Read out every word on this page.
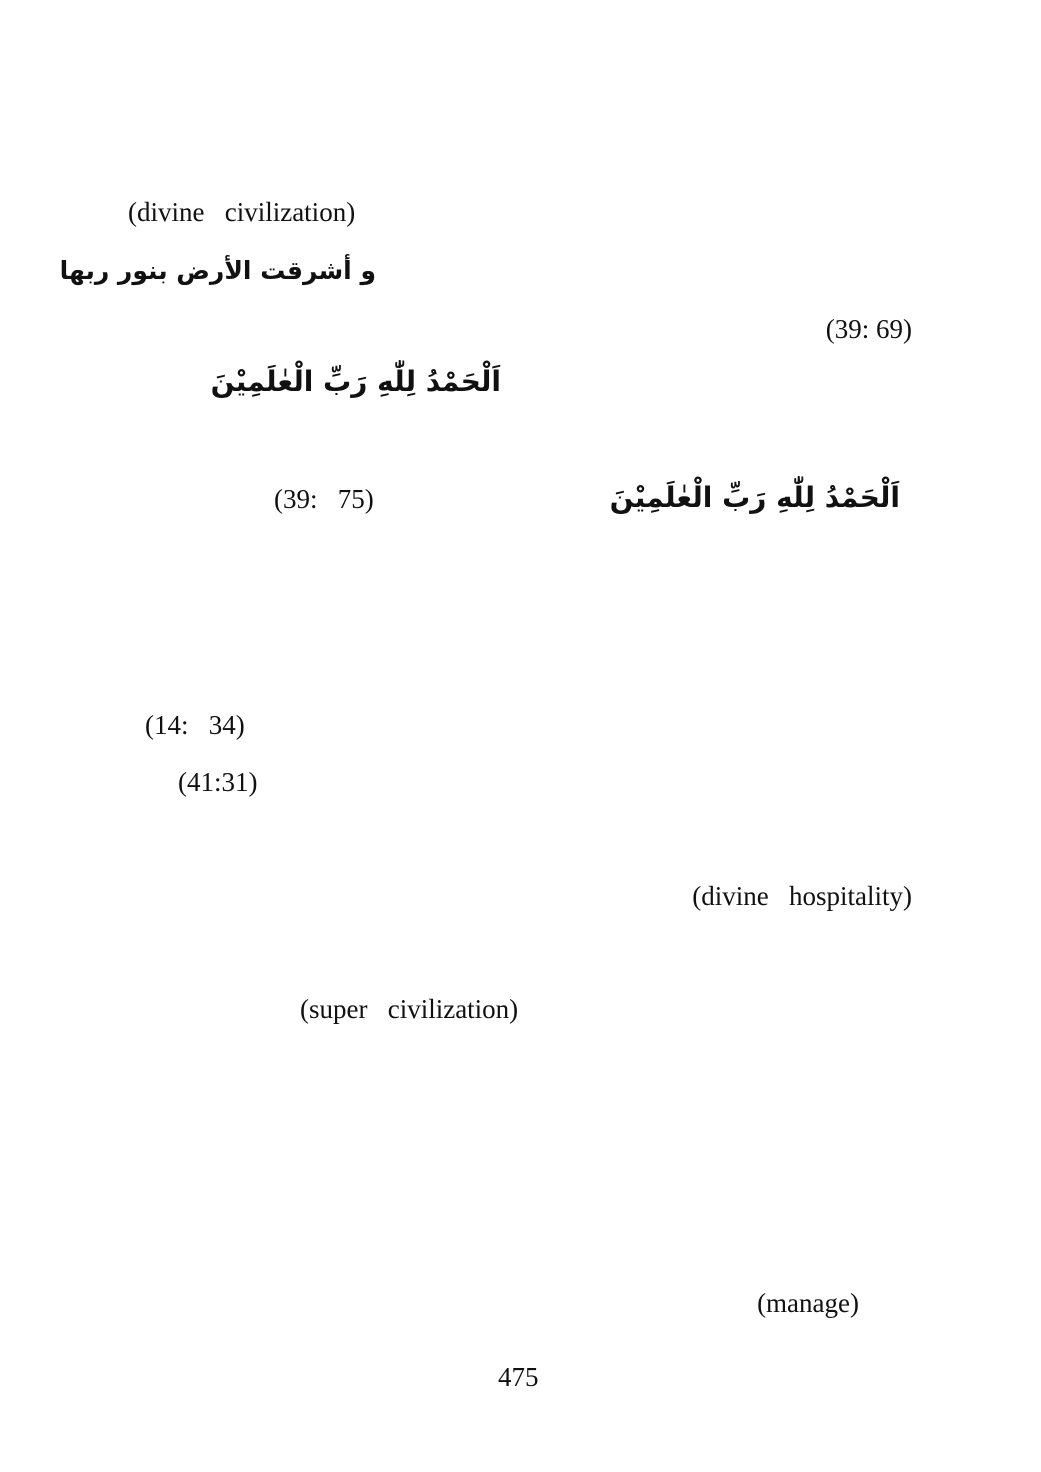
(divine   civilization)
و أشرقت الأرض بنور ربها
(39: 69)
اَلْحَمْدُ لِلّٰهِ رَبِّ الْعٰلَمِيْنَ
(39:   75)	اَلْحَمْدُ لِلّٰهِ رَبِّ الْعٰلَمِيْنَ
(14:   34)
(41:31)
(divine   hospitality)
(super   civilization)
(manage)
475
